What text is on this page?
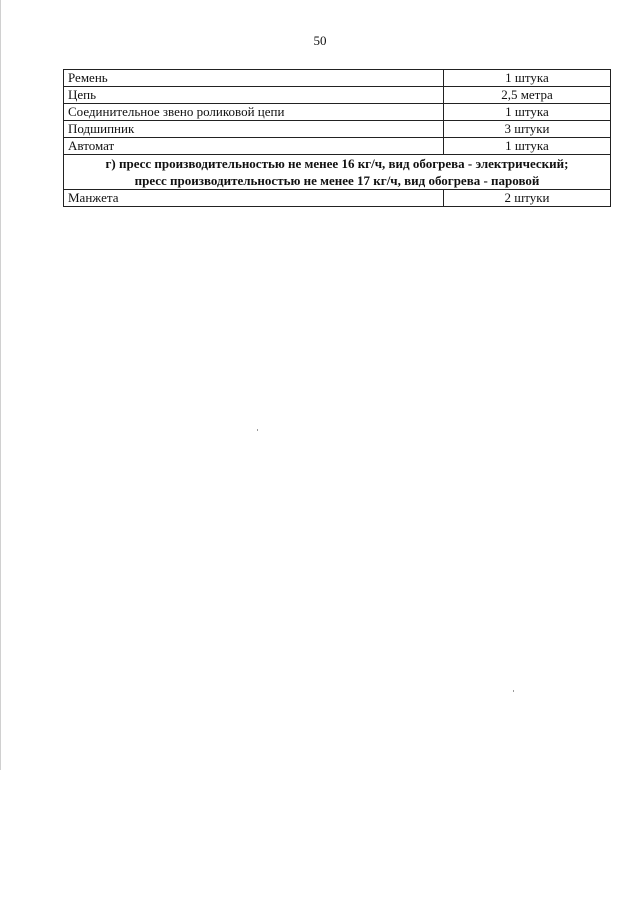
50
Ремень	1 штука
Цепь	2,5 метра
Соединительное звено роликовой цепи	1 штука
Подшипник	3 штуки
Автомат	1 штука
г) пресс производительностью не менее 16 кг/ч, вид обогрева - электрический; пресс производительностью не менее 17 кг/ч, вид обогрева - паровой	
Манжета	2 штуки
